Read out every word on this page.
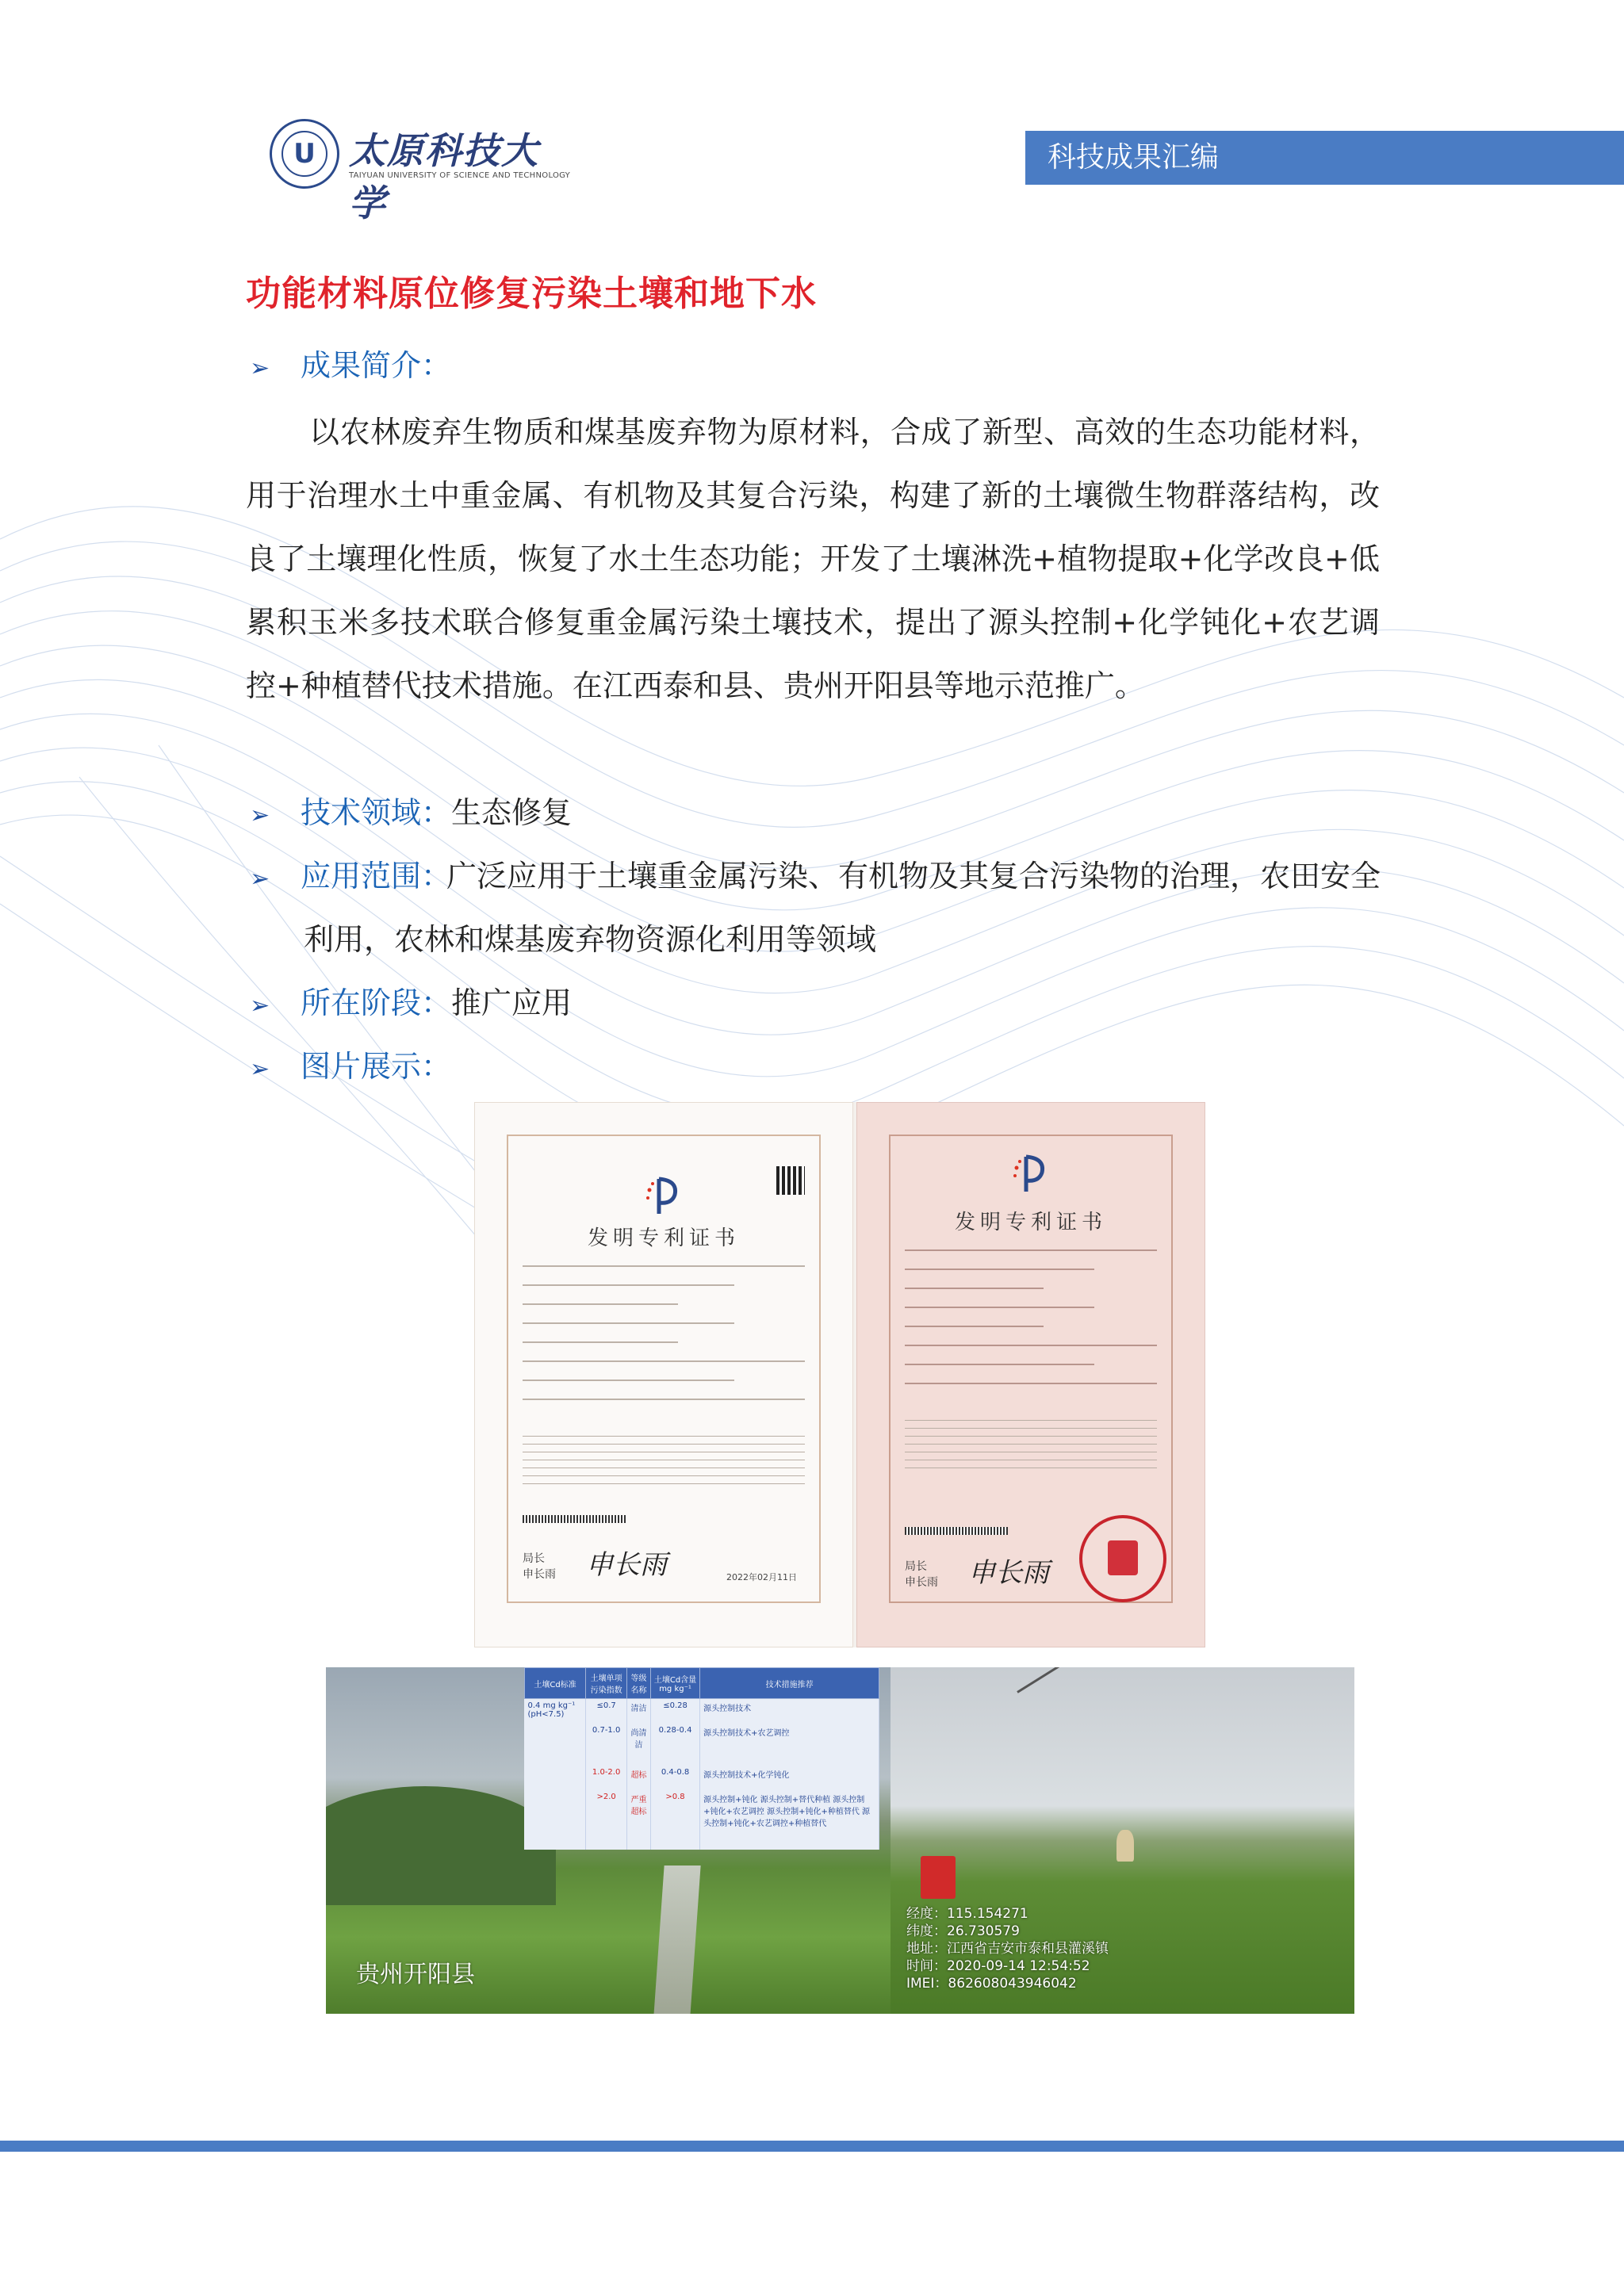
U 太原科技大学
TAIYUAN UNIVERSITY OF SCIENCE AND TECHNOLOGY
科技成果汇编
功能材料原位修复污染土壤和地下水
➢ 成果简介：
以农林废弃生物质和煤基废弃物为原材料，合成了新型、高效的生态功能材料，用于治理水土中重金属、有机物及其复合污染，构建了新的土壤微生物群落结构，改良了土壤理化性质，恢复了水土生态功能；开发了土壤淋洗+植物提取+化学改良+低累积玉米多技术联合修复重金属污染土壤技术，提出了源头控制+化学钝化+农艺调控+种植替代技术措施。在江西泰和县、贵州开阳县等地示范推广。
➢ 技术领域：生态修复
➢ 应用范围：
广泛应用于土壤重金属污染、有机物及其复合污染物的治理，农田安全利用，农林和煤基废弃物资源化利用等领域
➢ 所在阶段：推广应用
➢ 图片展示：
发明专利证书
局长
申长雨 申长雨	2022年02月11日
发明专利证书
局长
申长雨 申长雨
贵州开阳县
经度：115.154271
纬度：26.730579
地址：江西省吉安市泰和县灌溪镇
时间：2020-09-14 12:54:52
IMEI：862608043946042
土壤Cd标准	土壤单项污染指数	等级名称	土壤Cd含量 mg kg⁻¹	技术措施推荐
0.4 mg kg⁻¹ (pH<7.5)	≤0.7	清洁	≤0.28	源头控制技术
	0.7-1.0	尚清洁	0.28-0.4	源头控制技术+农艺调控
	1.0-2.0	超标	0.4-0.8	源头控制技术+化学钝化
	>2.0	严重超标	>0.8	源头控制+钝化 源头控制+替代种植 源头控制+钝化+农艺调控 源头控制+钝化+种植替代 源头控制+钝化+农艺调控+种植替代
